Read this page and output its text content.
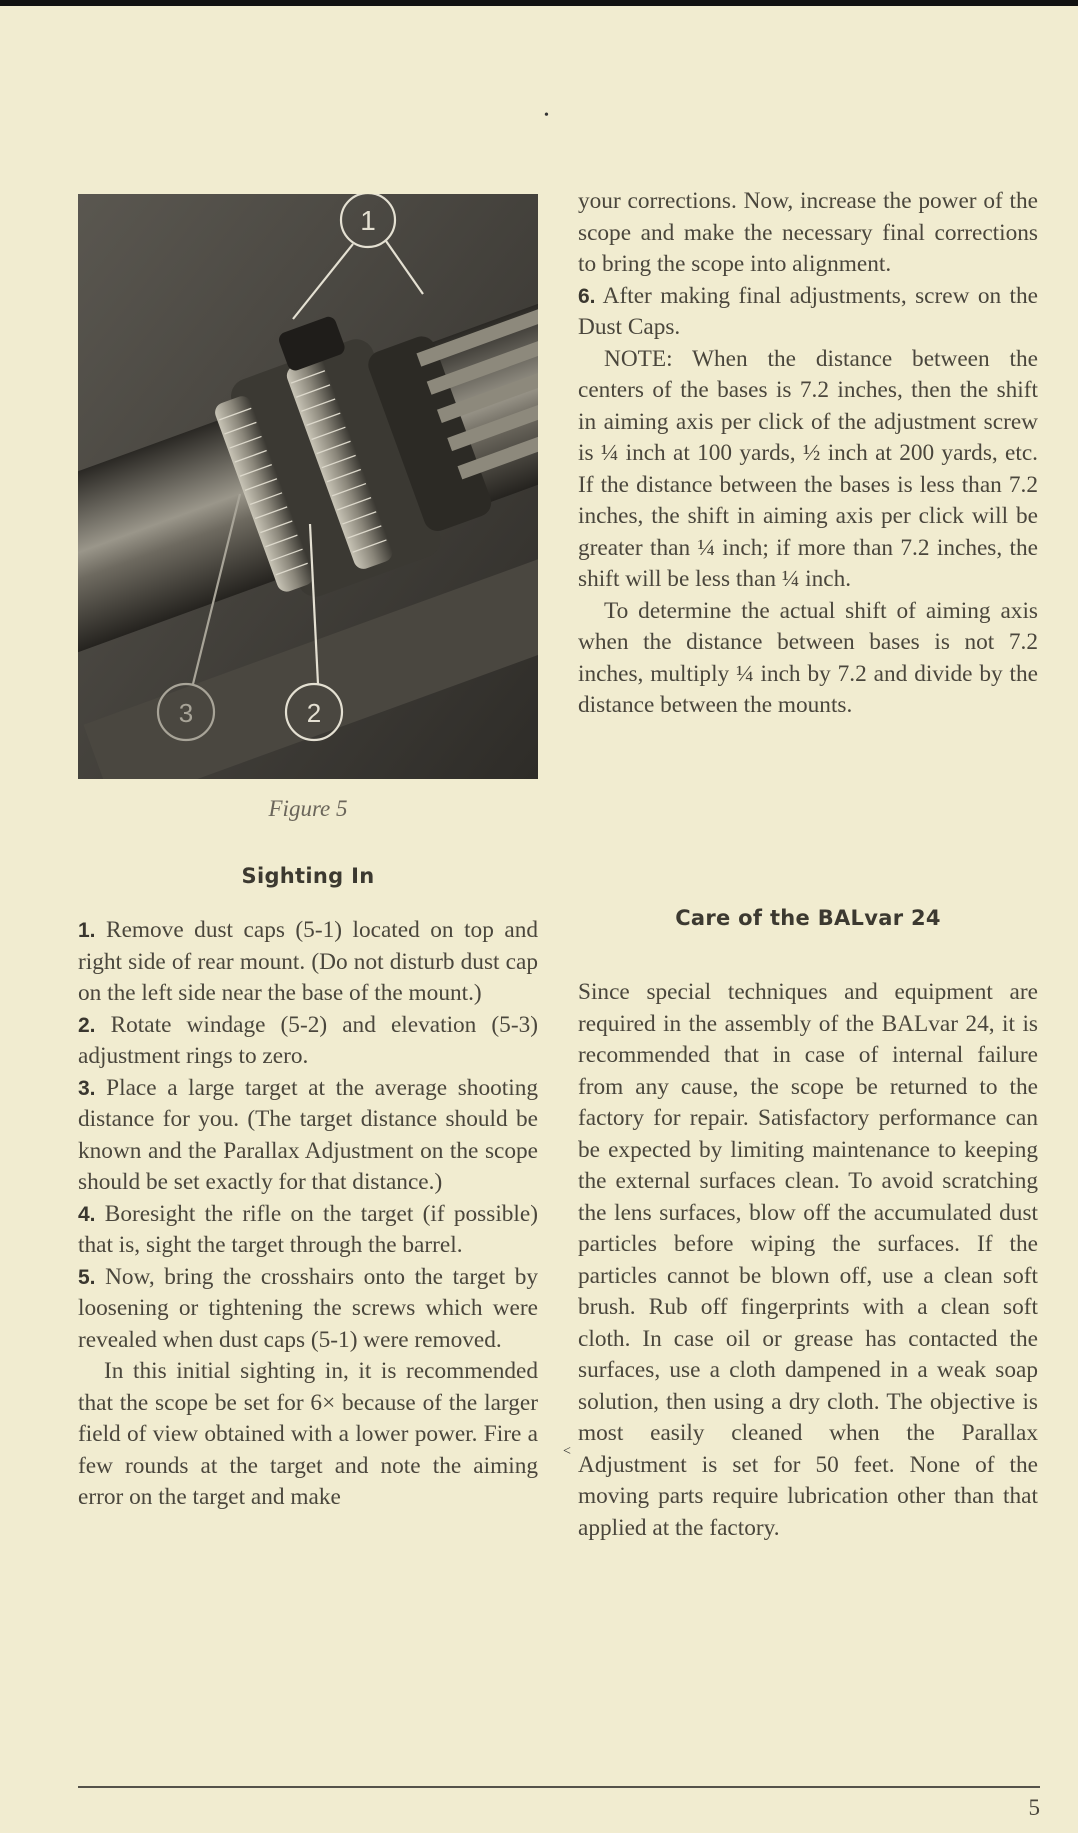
•
1
3	2
Figure 5
Sighting In

1. Remove dust caps (5-1) located on top and right side of rear mount. (Do not disturb dust cap on the left side near the base of the mount.)

2. Rotate windage (5-2) and elevation (5-3) adjustment rings to zero.

3. Place a large target at the average shooting distance for you. (The target distance should be known and the Parallax Adjustment on the scope should be set exactly for that distance.)

4. Boresight the rifle on the target (if possible) that is, sight the target through the barrel.

5. Now, bring the crosshairs onto the target by loosening or tightening the screws which were revealed when dust caps (5-1) were removed.

In this initial sighting in, it is recommended that the scope be set for 6× because of the larger field of view obtained with a lower power. Fire a few rounds at the target and note the aiming error on the target and make

your corrections. Now, increase the power of the scope and make the necessary final corrections to bring the scope into alignment.

6. After making final adjustments, screw on the Dust Caps.

NOTE: When the distance between the centers of the bases is 7.2 inches, then the shift in aiming axis per click of the adjustment screw is ¼ inch at 100 yards, ½ inch at 200 yards, etc. If the distance between the bases is less than 7.2 inches, the shift in aiming axis per click will be greater than ¼ inch; if more than 7.2 inches, the shift will be less than ¼ inch.

To determine the actual shift of aiming axis when the distance between bases is not 7.2 inches, multiply ¼ inch by 7.2 and divide by the distance between the mounts.

Care of the BALvar 24

Since special techniques and equipment are required in the assembly of the BALvar 24, it is recommended that in case of internal failure from any cause, the scope be returned to the factory for repair. Satisfactory performance can be expected by limiting maintenance to keeping the external surfaces clean. To avoid scratching the lens surfaces, blow off the accumulated dust particles before wiping the surfaces. If the particles cannot be blown off, use a clean soft brush. Rub off fingerprints with a clean soft cloth. In case oil or grease has contacted the surfaces, use a cloth dampened in a weak soap solution, then using a dry cloth. The objective is most easily cleaned when the Parallax Adjustment is set for 50 feet. None of the moving parts require lubrication other than that applied at the factory.

<
5
